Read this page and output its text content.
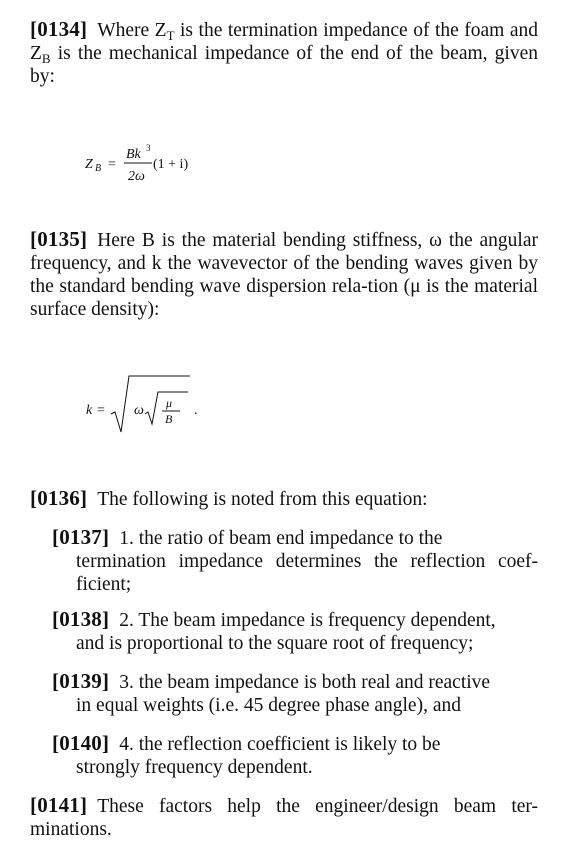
[0134] Where $Z_T$ is the termination impedance of the foam and $Z_B$ is the mechanical impedance of the end of the beam, given by:
Z B =
Bk 3
2ω
(1 + i)
[0135] Here B is the material bending stiffness, ω the angular frequency, and k the wavevector of the bending waves given by the standard bending wave dispersion rela-tion (μ is the material surface density):
k = ω μ
B
.
[0136] The following is noted from this equation:
[0137] 1. the ratio of beam end impedance to the
termination impedance determines the reflection coef-ficient;
[0138] 2. The beam impedance is frequency dependent,
and is proportional to the square root of frequency;
[0139] 3. the beam impedance is both real and reactive
in equal weights (i.e. 45 degree phase angle), and
[0140] 4. the reflection coefficient is likely to be
strongly frequency dependent.
[0141] These factors help the engineer/design beam ter-minations.
